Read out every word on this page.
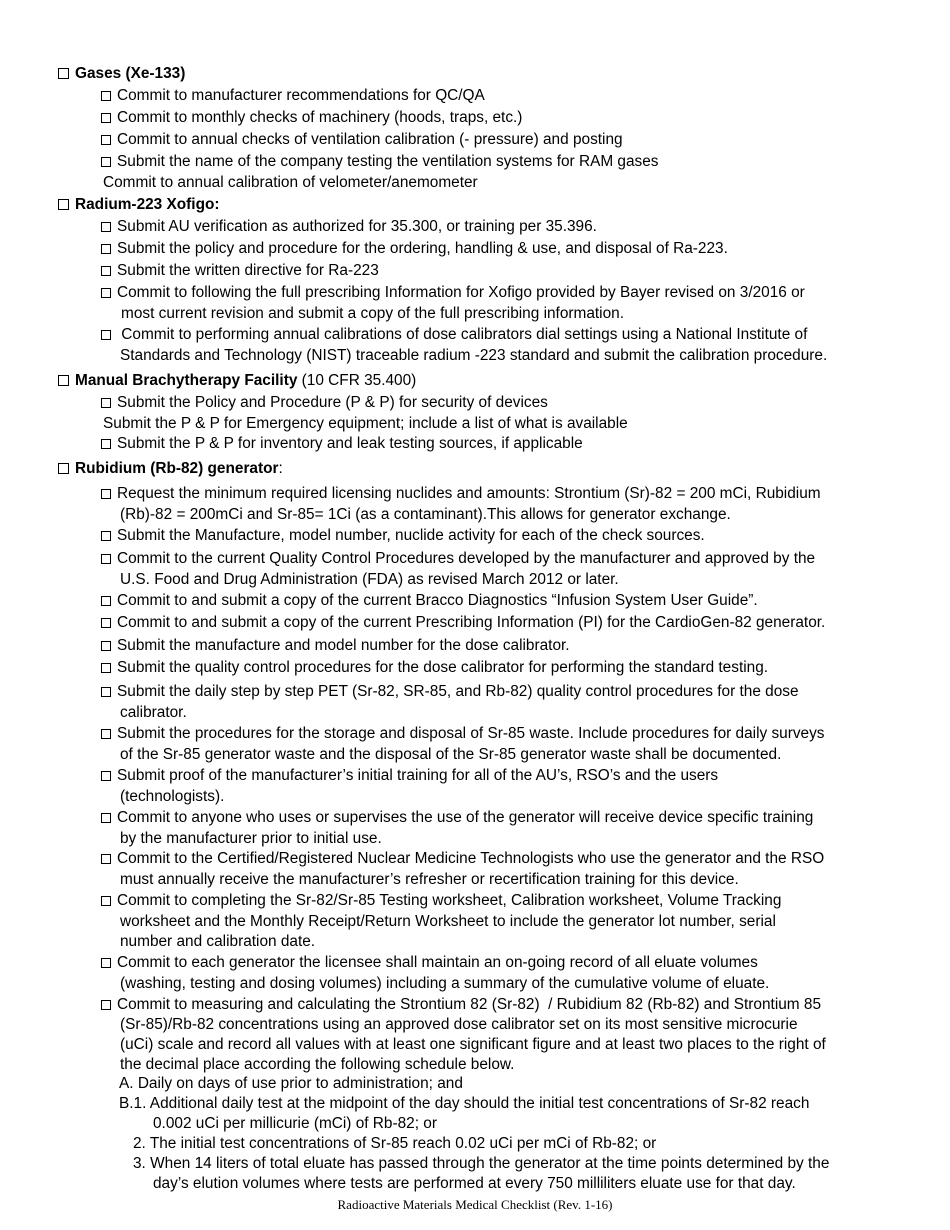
Gases (Xe-133)
Commit to manufacturer recommendations for QC/QA
Commit to monthly checks of machinery (hoods, traps, etc.)
Commit to annual checks of ventilation calibration (- pressure) and posting
Submit the name of the company testing the ventilation systems for RAM gases
Commit to annual calibration of velometer/anemometer
Radium-223 Xofigo:
Submit AU verification as authorized for 35.300, or training per 35.396.
Submit the policy and procedure for the ordering, handling & use, and disposal of Ra-223.
Submit the written directive for Ra-223
Commit to following the full prescribing Information for Xofigo provided by Bayer revised on 3/2016 or
most current revision and submit a copy of the full prescribing information.
Commit to performing annual calibrations of dose calibrators dial settings using a National Institute of
Standards and Technology (NIST) traceable radium -223 standard and submit the calibration procedure.
Manual Brachytherapy Facility (10 CFR 35.400)
Submit the Policy and Procedure (P & P) for security of devices
Submit the P & P for Emergency equipment; include a list of what is available
Submit the P & P for inventory and leak testing sources, if applicable
Rubidium (Rb-82) generator:
Request the minimum required licensing nuclides and amounts: Strontium (Sr)-82 = 200 mCi, Rubidium
(Rb)-82 = 200mCi and Sr-85= 1Ci (as a contaminant).This allows for generator exchange.
Submit the Manufacture, model number, nuclide activity for each of the check sources.
Commit to the current Quality Control Procedures developed by the manufacturer and approved by the
U.S. Food and Drug Administration (FDA) as revised March 2012 or later.
Commit to and submit a copy of the current Bracco Diagnostics “Infusion System User Guide”.
Commit to and submit a copy of the current Prescribing Information (PI) for the CardioGen-82 generator.
Submit the manufacture and model number for the dose calibrator.
Submit the quality control procedures for the dose calibrator for performing the standard testing.
Submit the daily step by step PET (Sr-82, SR-85, and Rb-82) quality control procedures for the dose
calibrator.
Submit the procedures for the storage and disposal of Sr-85 waste. Include procedures for daily surveys
of the Sr-85 generator waste and the disposal of the Sr-85 generator waste shall be documented.
Submit proof of the manufacturer’s initial training for all of the AU’s, RSO’s and the users
(technologists).
Commit to anyone who uses or supervises the use of the generator will receive device specific training
by the manufacturer prior to initial use.
Commit to the Certified/Registered Nuclear Medicine Technologists who use the generator and the RSO
must annually receive the manufacturer’s refresher or recertification training for this device.
Commit to completing the Sr-82/Sr-85 Testing worksheet, Calibration worksheet, Volume Tracking
worksheet and the Monthly Receipt/Return Worksheet to include the generator lot number, serial
number and calibration date.
Commit to each generator the licensee shall maintain an on-going record of all eluate volumes
(washing, testing and dosing volumes) including a summary of the cumulative volume of eluate.
Commit to measuring and calculating the Strontium 82 (Sr-82)  / Rubidium 82 (Rb-82) and Strontium 85
(Sr-85)/Rb-82 concentrations using an approved dose calibrator set on its most sensitive microcurie
(uCi) scale and record all values with at least one significant figure and at least two places to the right of
the decimal place according the following schedule below.
A. Daily on days of use prior to administration; and
B.1. Additional daily test at the midpoint of the day should the initial test concentrations of Sr-82 reach
0.002 uCi per millicurie (mCi) of Rb-82; or
2. The initial test concentrations of Sr-85 reach 0.02 uCi per mCi of Rb-82; or
3. When 14 liters of total eluate has passed through the generator at the time points determined by the
day’s elution volumes where tests are performed at every 750 milliliters eluate use for that day.
Radioactive Materials Medical Checklist (Rev. 1-16)
